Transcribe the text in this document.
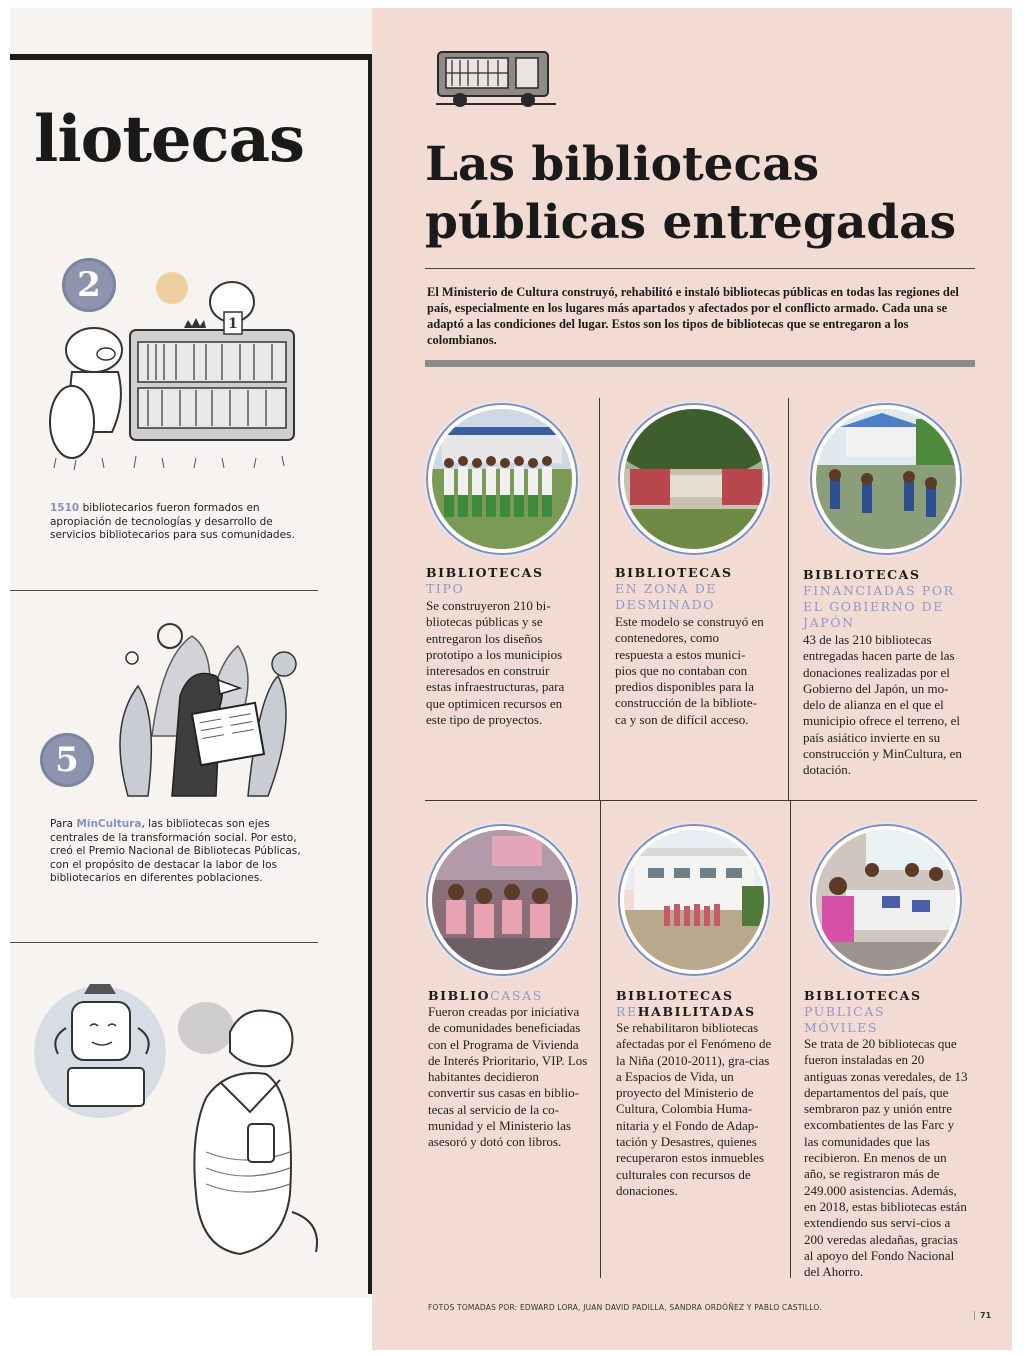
liotecas
1
2
1510 bibliotecarios fueron formados en apropiación de tecnologías y desarrollo de servicios bibliotecarios para sus comunidades.
5
Para MinCultura, las bibliotecas son ejes centrales de la transformación social. Por esto, creó el Premio Nacional de Bibliotecas Públicas, con el propósito de destacar la labor de los bibliotecarios en diferentes poblaciones.
Las bibliotecas
públicas entregadas
El Ministerio de Cultura construyó, rehabilitó e instaló bibliotecas públicas en todas las regiones del país, especialmente en los lugares más apartados y afectados por el conflicto armado. Cada una se adaptó a las condiciones del lugar. Estos son los tipos de bibliotecas que se entregaron a los colombianos.
BIBLIOTECAS
TIPO
Se construyeron 210 bi-bliotecas públicas y se entregaron los diseños prototipo a los municipios interesados en construir estas infraestructuras, para que optimicen recursos en este tipo de proyectos.
BIBLIOTECAS
EN ZONA DE DESMINADO
Este modelo se construyó en contenedores, como respuesta a estos munici-pios que no contaban con predios disponibles para la construcción de la bibliote-ca y son de difícil acceso.
BIBLIOTECAS
FINANCIADAS POR EL GOBIERNO DE JAPÓN
43 de las 210 bibliotecas entregadas hacen parte de las donaciones realizadas por el Gobierno del Japón, un mo-delo de alianza en el que el municipio ofrece el terreno, el país asiático invierte en su construcción y MinCultura, en dotación.
BIBLIOCASAS
Fueron creadas por iniciativa de comunidades beneficiadas con el Programa de Vivienda de Interés Prioritario, VIP. Los habitantes decidieron convertir sus casas en biblio-tecas al servicio de la co-munidad y el Ministerio las asesoró y dotó con libros.
BIBLIOTECAS
REHABILITADAS
Se rehabilitaron bibliotecas afectadas por el Fenómeno de la Niña (2010-2011), gra-cias a Espacios de Vida, un proyecto del Ministerio de Cultura, Colombia Huma-nitaria y el Fondo de Adap-tación y Desastres, quienes recuperaron estos inmuebles culturales con recursos de donaciones.
BIBLIOTECAS
PÚBLICAS MÓVILES
Se trata de 20 bibliotecas que fueron instaladas en 20 antiguas zonas veredales, de 13 departamentos del país, que sembraron paz y unión entre excombatientes de las Farc y las comunidades que las recibieron. En menos de un año, se registraron más de 249.000 asistencias. Además, en 2018, estas bibliotecas están extendiendo sus servi-cios a 200 veredas aledañas, gracias al apoyo del Fondo Nacional del Ahorro.
FOTOS TOMADAS POR: EDWARD LORA, JUAN DAVID PADILLA, SANDRA ORDÓÑEZ Y PABLO CASTILLO.
71
